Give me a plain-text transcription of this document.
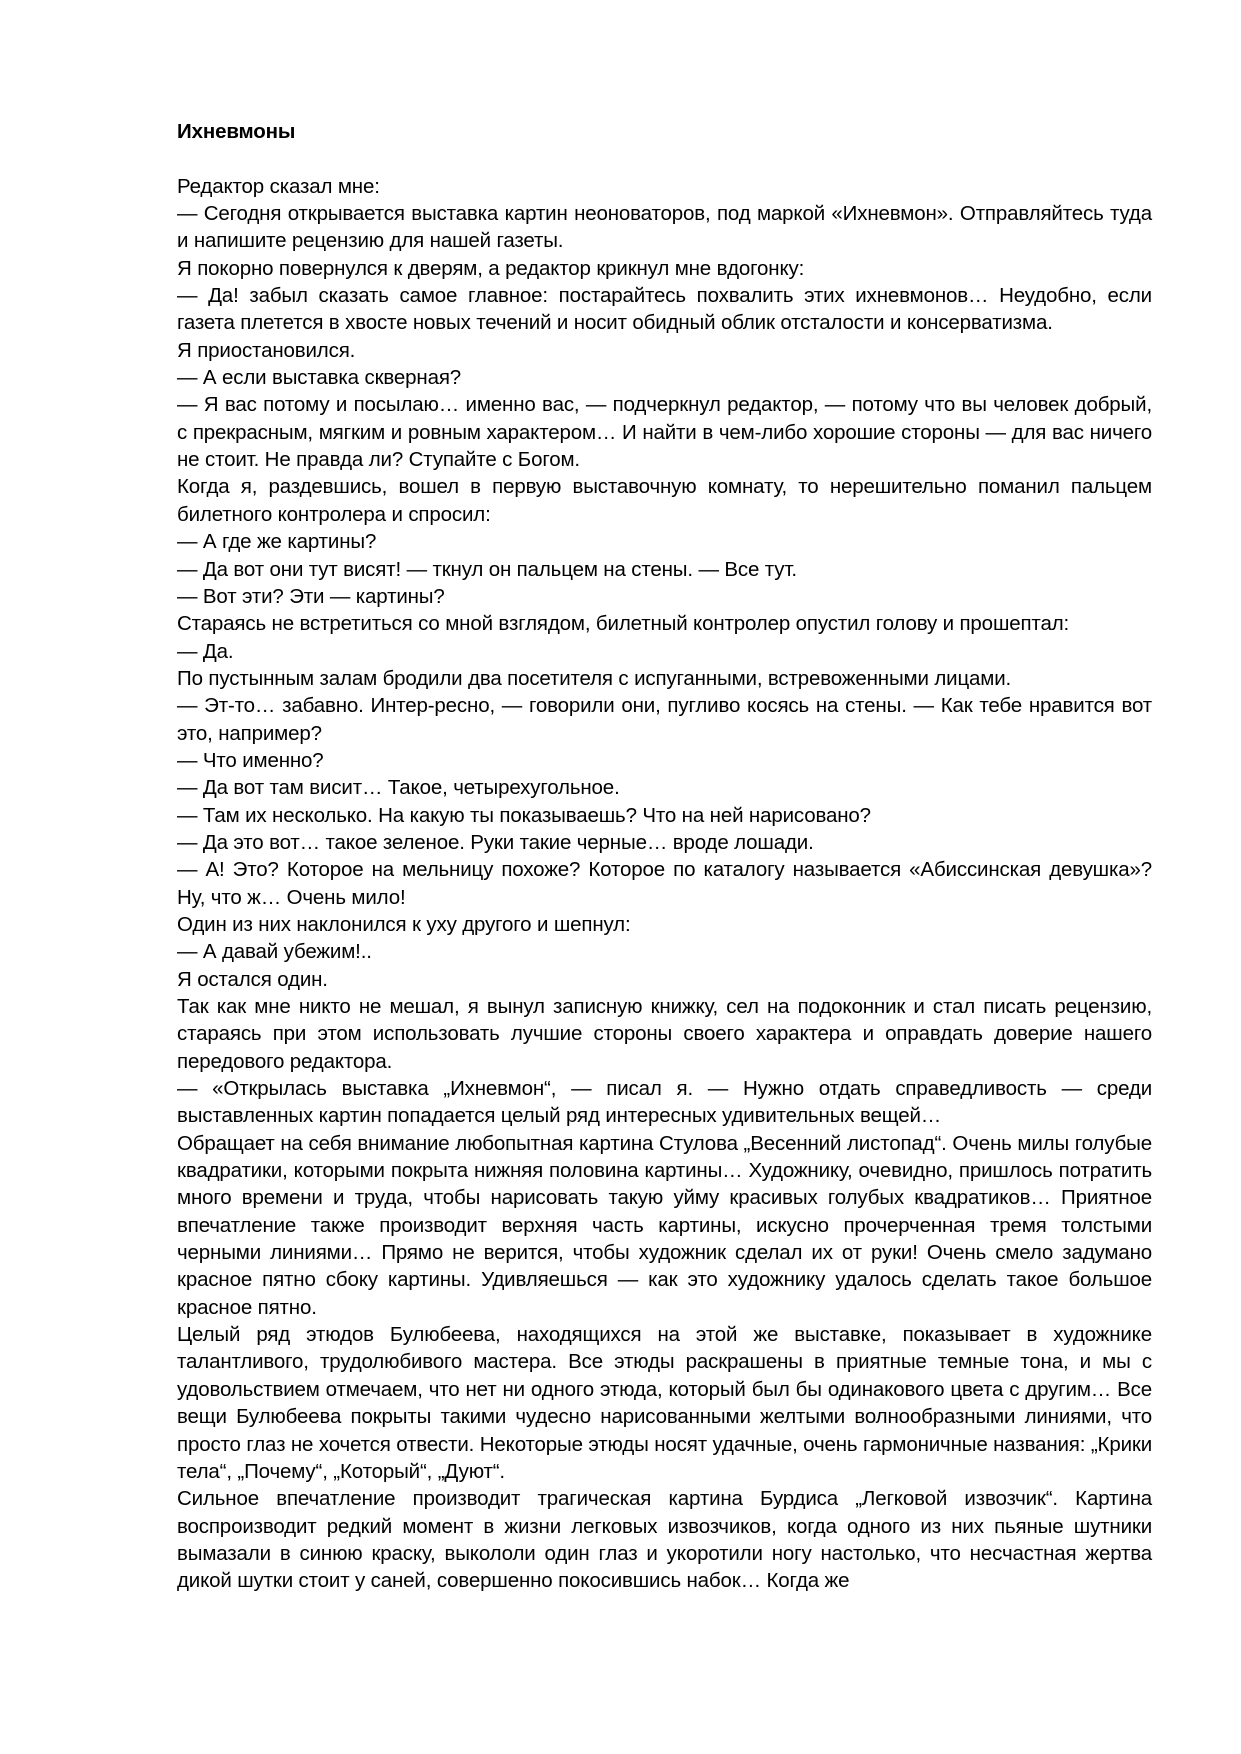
Ихневмоны

Редактор сказал мне:

— Сегодня открывается выставка картин неоноваторов, под маркой «Ихневмон». Отправляйтесь туда и напишите рецензию для нашей газеты.

Я покорно повернулся к дверям, а редактор крикнул мне вдогонку:

— Да! забыл сказать самое главное: постарайтесь похвалить этих ихневмонов… Неудобно, если газета плетется в хвосте новых течений и носит обидный облик отсталости и консерватизма.

Я приостановился.

— А если выставка скверная?

— Я вас потому и посылаю… именно вас, — подчеркнул редактор, — потому что вы человек добрый, с прекрасным, мягким и ровным характером… И найти в чем-либо хорошие стороны — для вас ничего не стоит. Не правда ли? Ступайте с Богом.

Когда я, раздевшись, вошел в первую выставочную комнату, то нерешительно поманил пальцем билетного контролера и спросил:

— А где же картины?

— Да вот они тут висят! — ткнул он пальцем на стены. — Все тут.

— Вот эти? Эти — картины?

Стараясь не встретиться со мной взглядом, билетный контролер опустил голову и прошептал:

— Да.

По пустынным залам бродили два посетителя с испуганными, встревоженными лицами.

— Эт-то… забавно. Интер-ресно, — говорили они, пугливо косясь на стены. — Как тебе нравится вот это, например?

— Что именно?

— Да вот там висит… Такое, четырехугольное.

— Там их несколько. На какую ты показываешь? Что на ней нарисовано?

— Да это вот… такое зеленое. Руки такие черные… вроде лошади.

— А! Это? Которое на мельницу похоже? Которое по каталогу называется «Абиссинская девушка»? Ну, что ж… Очень мило!

Один из них наклонился к уху другого и шепнул:

— А давай убежим!..

Я остался один.

Так как мне никто не мешал, я вынул записную книжку, сел на подоконник и стал писать рецензию, стараясь при этом использовать лучшие стороны своего характера и оправдать доверие нашего передового редактора.

— «Открылась выставка „Ихневмон“, — писал я. — Нужно отдать справедливость — среди выставленных картин попадается целый ряд интересных удивительных вещей…

Обращает на себя внимание любопытная картина Стулова „Весенний листопад“. Очень милы голубые квадратики, которыми покрыта нижняя половина картины… Художнику, очевидно, пришлось потратить много времени и труда, чтобы нарисовать такую уйму красивых голубых квадратиков… Приятное впечатление также производит верхняя часть картины, искусно прочерченная тремя толстыми черными линиями… Прямо не верится, чтобы художник сделал их от руки! Очень смело задумано красное пятно сбоку картины. Удивляешься — как это художнику удалось сделать такое большое красное пятно.

Целый ряд этюдов Булюбеева, находящихся на этой же выставке, показывает в художнике талантливого, трудолюбивого мастера. Все этюды раскрашены в приятные темные тона, и мы с удовольствием отмечаем, что нет ни одного этюда, который был бы одинакового цвета с другим… Все вещи Булюбеева покрыты такими чудесно нарисованными желтыми волнообразными линиями, что просто глаз не хочется отвести. Некоторые этюды носят удачные, очень гармоничные названия: „Крики тела“, „Почему“, „Который“, „Дуют“.

Сильное впечатление производит трагическая картина Бурдиса „Легковой извозчик“. Картина воспроизводит редкий момент в жизни легковых извозчиков, когда одного из них пьяные шутники вымазали в синюю краску, выкололи один глаз и укоротили ногу настолько, что несчастная жертва дикой шутки стоит у саней, совершенно покосившись набок… Когда же
